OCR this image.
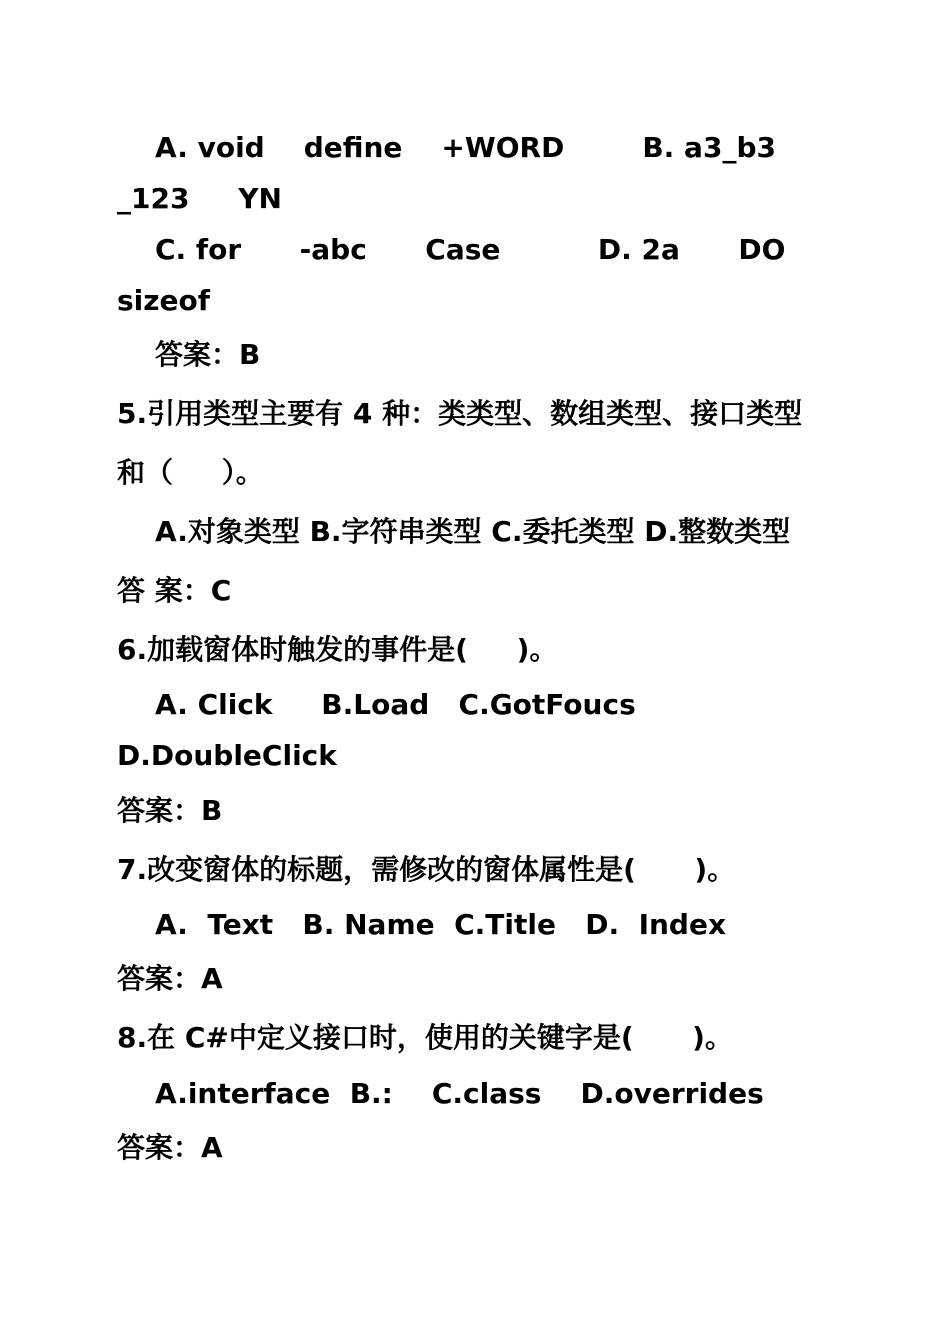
A. void    define    +WORD        B. a3_b3
_123     YN
C. for      -abc      Case          D. 2a      DO
sizeof
答案：B
5.引用类型主要有 4 种：类类型、数组类型、接口类型
和（     ）。
A.对象类型 B.字符串类型 C.委托类型 D.整数类型
答 案：C
6.加载窗体时触发的事件是(     )。
A. Click     B.Load   C.GotFoucs
D.DoubleClick
答案：B
7.改变窗体的标题，需修改的窗体属性是(      )。
A.  Text   B. Name  C.Title   D.  Index
答案：A
8.在 C#中定义接口时，使用的关键字是(      )。
A.interface  B.:    C.class    D.overrides
答案：A
